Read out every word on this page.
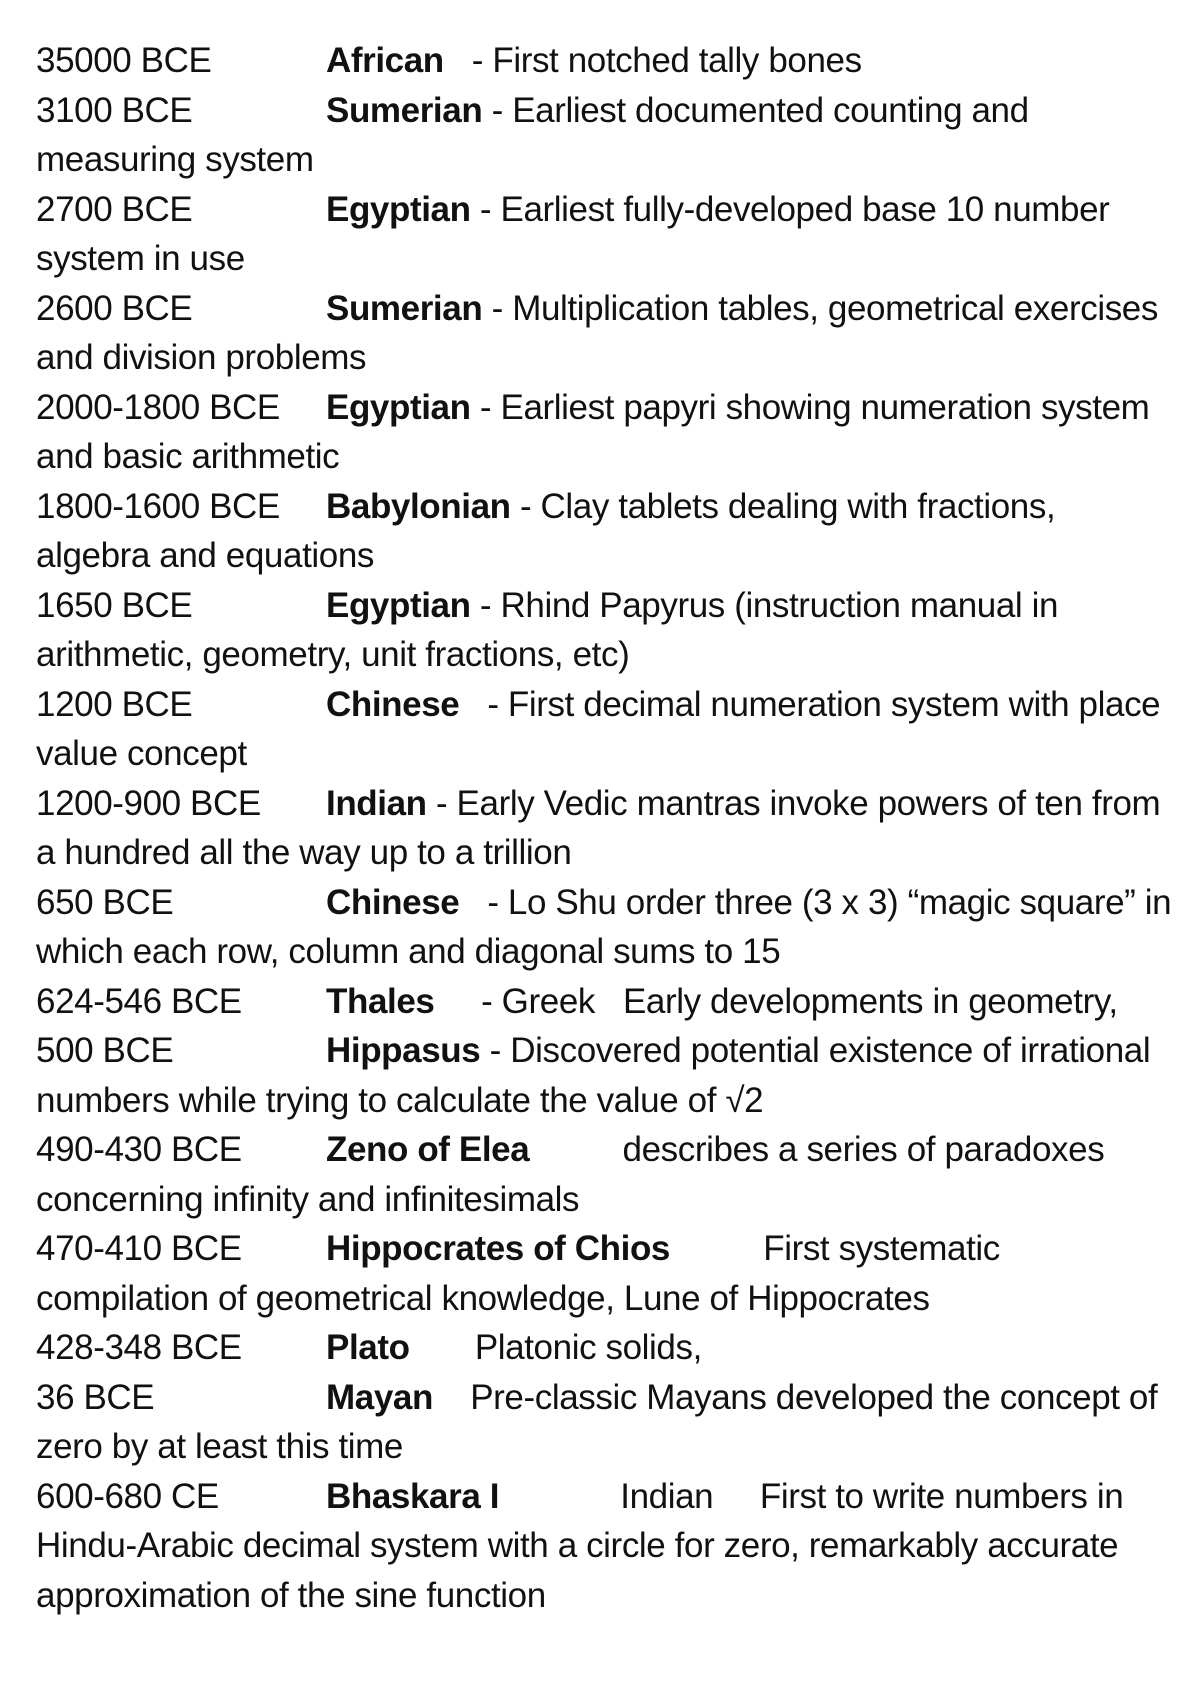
35000 BCE	African   - First notched tally bones

3100 BCE	Sumerian - Earliest documented counting and measuring system

2700 BCE	Egyptian - Earliest fully-developed base 10 number system in use

2600 BCE	Sumerian - Multiplication tables, geometrical exercises and division problems

2000-1800 BCE Egyptian - Earliest papyri showing numeration system and basic arithmetic

1800-1600 BCE Babylonian - Clay tablets dealing with fractions, algebra and equations

1650 BCE	Egyptian - Rhind Papyrus (instruction manual in arithmetic, geometry, unit fractions, etc)

1200 BCE	Chinese   - First decimal numeration system with place value concept

1200-900 BCE Indian - Early Vedic mantras invoke powers of ten from a hundred all the way up to a trillion

650 BCE	Chinese   - Lo Shu order three (3 x 3) “magic square” in which each row, column and diagonal sums to 15

624-546 BCE Thales     - Greek   Early developments in geometry,

500 BCE	Hippasus - Discovered potential existence of irrational numbers while trying to calculate the value of √2

490-430 BCE Zeno of Elea          describes a series of paradoxes concerning infinity and infinitesimals

470-410 BCE Hippocrates of Chios          First systematic compilation of geometrical knowledge, Lune of Hippocrates

428-348 BCE Plato       Platonic solids,

36 BCE	Mayan    Pre-classic Mayans developed the concept of zero by at least this time

600-680 CE	Bhaskara I             Indian     First to write numbers in Hindu-Arabic decimal system with a circle for zero, remarkably accurate approximation of the sine function
